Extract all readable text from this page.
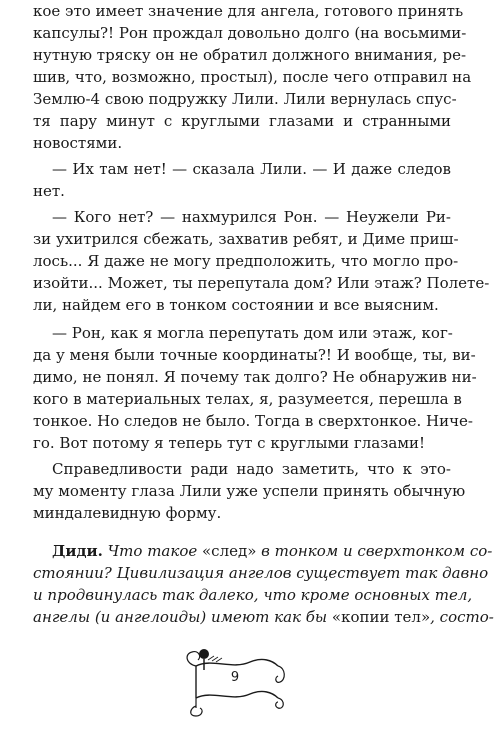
кое это имеет значение для ангела, готового принять
капсулы?! Рон прождал довольно долго (на восьмими-
нутную тряску он не обратил должного внимания, ре-
шив, что, возможно, простыл), после чего отправил на
Землю-4 свою подружку Лили. Лили вернулась спус-
тя пару минут с круглыми глазами и странными
новостями.
— Их там нет! — сказала Лили. — И даже следов
нет.
— Кого нет? — нахмурился Рон. — Неужели Ри-
зи ухитрился сбежать, захватив ребят, и Диме приш-
лось... Я даже не могу предположить, что могло про-
изойти... Может, ты перепутала дом? Или этаж? Полете-
ли, найдем его в тонком состоянии и все выясним.
— Рон, как я могла перепутать дом или этаж, ког-
да у меня были точные координаты?! И вообще, ты, ви-
димо, не понял. Я почему так долго? Не обнаружив ни-
кого в материальных телах, я, разумеется, перешла в
тонкое. Но следов не было. Тогда в сверхтонкое. Ниче-
го. Вот потому я теперь тут с круглыми глазами!
Справедливости ради надо заметить, что к это-
му моменту глаза Лили уже успели принять обычную
миндалевидную форму.
Диди. Что такое «след» в тонком и сверхтонком со-
стоянии? Цивилизация ангелов существует так давно
и продвинулась так далеко, что кроме основных тел,
ангелы (и ангелоиды) имеют как бы «копии тел», состо-
9
